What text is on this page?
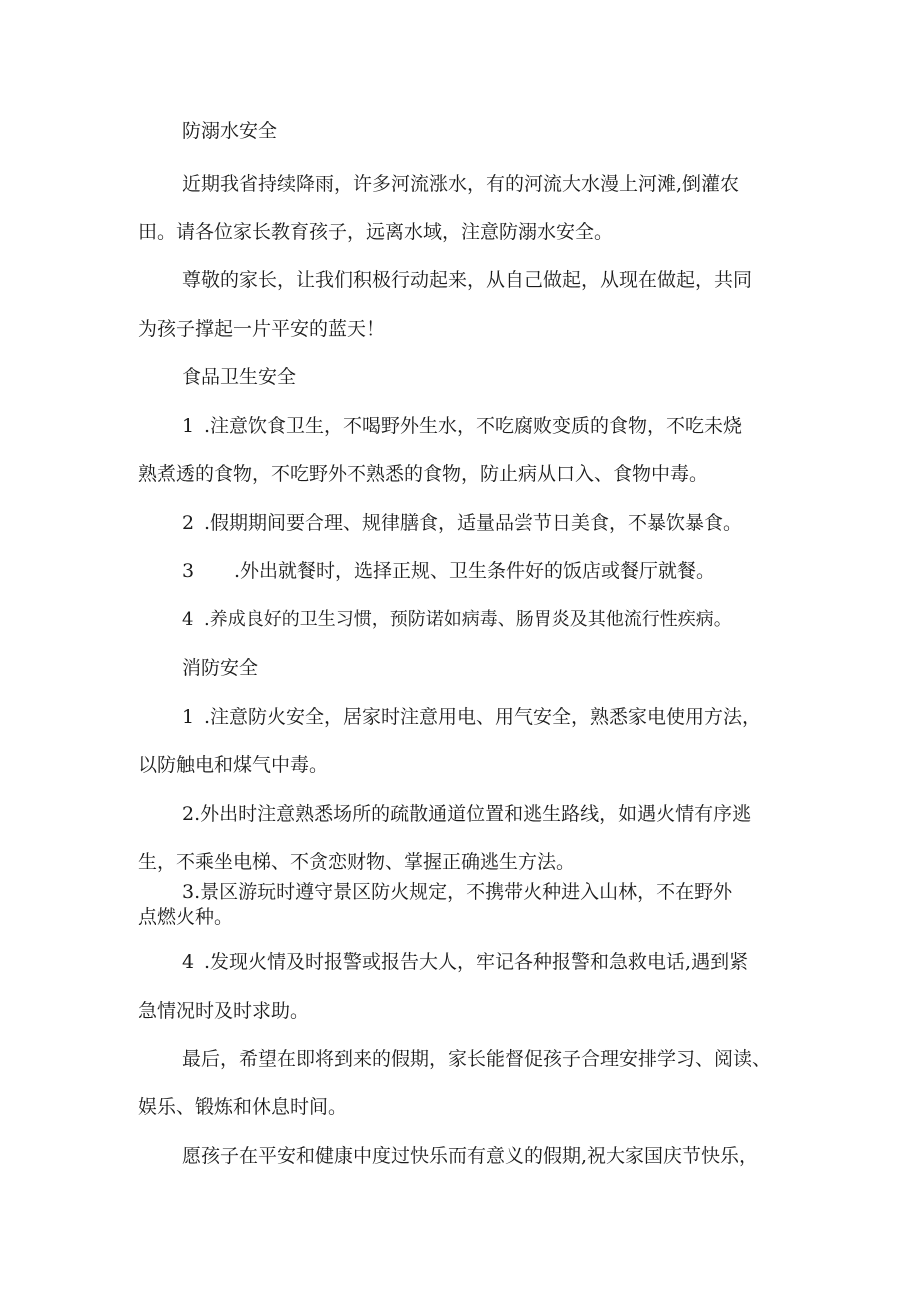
防溺水安全
近期我省持续降雨，许多河流涨水，有的河流大水漫上河滩,倒灌农
田。请各位家长教育孩子，远离水域，注意防溺水安全。
尊敬的家长，让我们积极行动起来，从自己做起，从现在做起，共同
为孩子撑起一片平安的蓝天！
食品卫生安全
1 .注意饮食卫生，不喝野外生水，不吃腐败变质的食物，不吃未烧
熟煮透的食物，不吃野外不熟悉的食物，防止病从口入、食物中毒。
2 .假期期间要合理、规律膳食，适量品尝节日美食，不暴饮暴食。
3 .外出就餐时，选择正规、卫生条件好的饭店或餐厅就餐。
4 .养成良好的卫生习惯，预防诺如病毒、肠胃炎及其他流行性疾病。
消防安全
1 .注意防火安全，居家时注意用电、用气安全，熟悉家电使用方法，
以防触电和煤气中毒。
2.外出时注意熟悉场所的疏散通道位置和逃生路线，如遇火情有序逃
生，不乘坐电梯、不贪恋财物、掌握正确逃生方法。
3.景区游玩时遵守景区防火规定，不携带火种进入山林，不在野外
点燃火种。
4 .发现火情及时报警或报告大人，牢记各种报警和急救电话,遇到紧
急情况时及时求助。
最后，希望在即将到来的假期，家长能督促孩子合理安排学习、阅读、
娱乐、锻炼和休息时间。
愿孩子在平安和健康中度过快乐而有意义的假期,祝大家国庆节快乐，
